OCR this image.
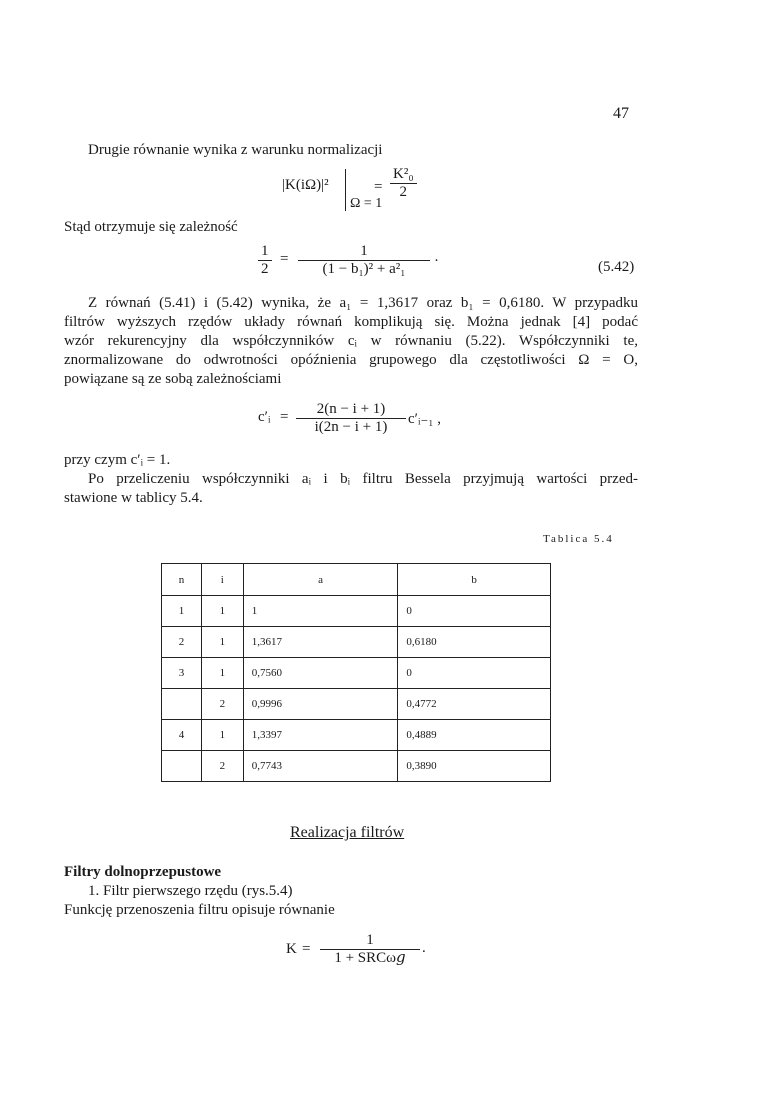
47
Drugie równanie wynika z warunku normalizacji
|K(iΩ)|²
Ω = 1
= $\frac{\text{K²₀}}{2}$
Stąd otrzymuje się zależność
$\frac{1}{2} = \frac{1}{\text{(1 − b₁)² + a²₁}}$ ·	(5.42)
Z równań (5.41) i (5.42) wynika, że a₁ = 1,3617 oraz b₁ = 0,6180. W przypadku
filtrów wyższych rzędów układy równań komplikują się. Można jednak [4] podać
wzór rekurencyjny dla współczynników cᵢ w równaniu (5.22). Współczynniki te,
znormalizowane do odwrotności opóźnienia grupowego dla częstotliwości Ω = O,
powiązane są ze sobą zależnościami
c′ᵢ = $\frac{2(n - i + 1)}{i(2n - i + 1)}$ c′ᵢ₋₁ ,
przy czym c′ᵢ = 1.
Po przeliczeniu współczynniki aᵢ i bᵢ filtru Bessela przyjmują wartości przed-
stawione w tablicy 5.4.
Tablica 5.4
n	i	a	b
1	1	1	0
2	1	1,3617	0,6180
3	1	0,7560	0
	2	0,9996	0,4772
4	1	1,3397	0,4889
	2	0,7743	0,3890
Realizacja filtrów
Filtry dolnoprzepustowe
1. Filtr pierwszego rzędu (rys.5.4)
Funkcję przenoszenia filtru opisuje równanie
K =
1
1 + SRCω𝑔
.
